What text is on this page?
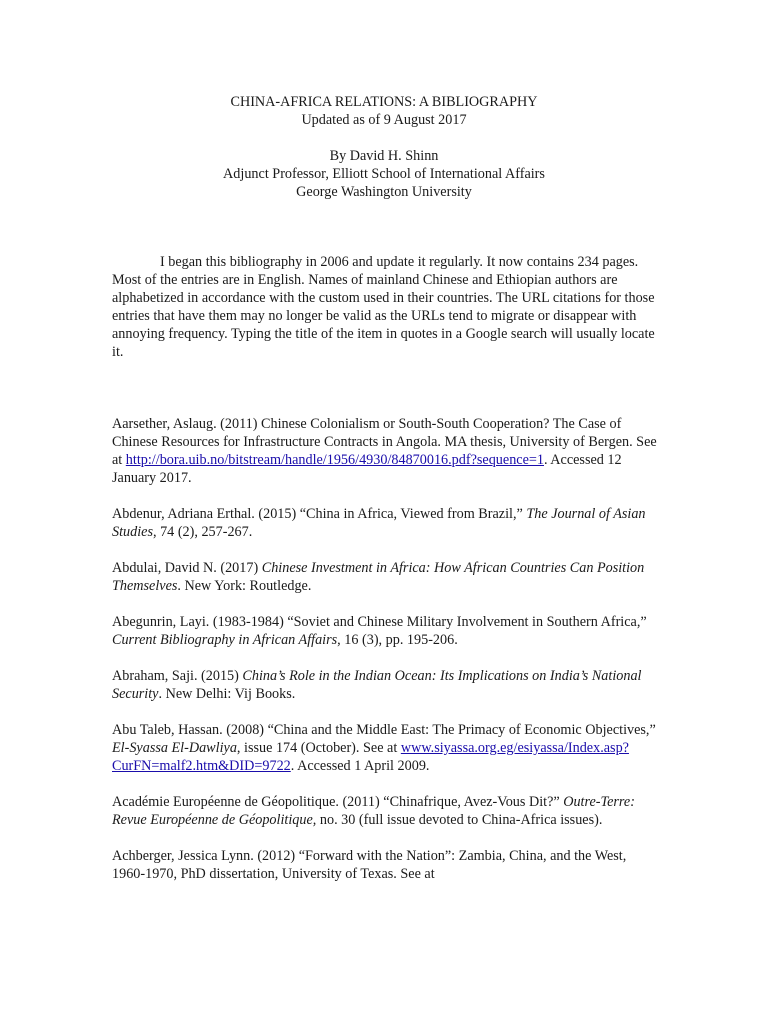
CHINA-AFRICA RELATIONS: A BIBLIOGRAPHY
Updated as of 9 August 2017
By David H. Shinn
Adjunct Professor, Elliott School of International Affairs
George Washington University

I began this bibliography in 2006 and update it regularly. It now contains 234 pages. Most of the entries are in English. Names of mainland Chinese and Ethiopian authors are alphabetized in accordance with the custom used in their countries. The URL citations for those entries that have them may no longer be valid as the URLs tend to migrate or disappear with annoying frequency. Typing the title of the item in quotes in a Google search will usually locate it.

Aarsether, Aslaug. (2011) Chinese Colonialism or South-South Cooperation? The Case of Chinese Resources for Infrastructure Contracts in Angola. MA thesis, University of Bergen. See at http://bora.uib.no/bitstream/handle/1956/4930/84870016.pdf?sequence=1. Accessed 12 January 2017.

Abdenur, Adriana Erthal. (2015) “China in Africa, Viewed from Brazil,” The Journal of Asian Studies, 74 (2), 257-267.

Abdulai, David N. (2017) Chinese Investment in Africa: How African Countries Can Position Themselves. New York: Routledge.

Abegunrin, Layi. (1983-1984) “Soviet and Chinese Military Involvement in Southern Africa,” Current Bibliography in African Affairs, 16 (3), pp. 195-206.

Abraham, Saji. (2015) China’s Role in the Indian Ocean: Its Implications on India’s National Security. New Delhi: Vij Books.

Abu Taleb, Hassan. (2008) “China and the Middle East: The Primacy of Economic Objectives,” El-Syassa El-Dawliya, issue 174 (October). See at www.siyassa.org.eg/esiyassa/Index.asp?CurFN=malf2.htm&DID=9722. Accessed 1 April 2009.

Académie Européenne de Géopolitique. (2011) “Chinafrique, Avez-Vous Dit?” Outre-Terre: Revue Européenne de Géopolitique, no. 30 (full issue devoted to China-Africa issues).

Achberger, Jessica Lynn. (2012) “Forward with the Nation”: Zambia, China, and the West, 1960-1970, PhD dissertation, University of Texas. See at
